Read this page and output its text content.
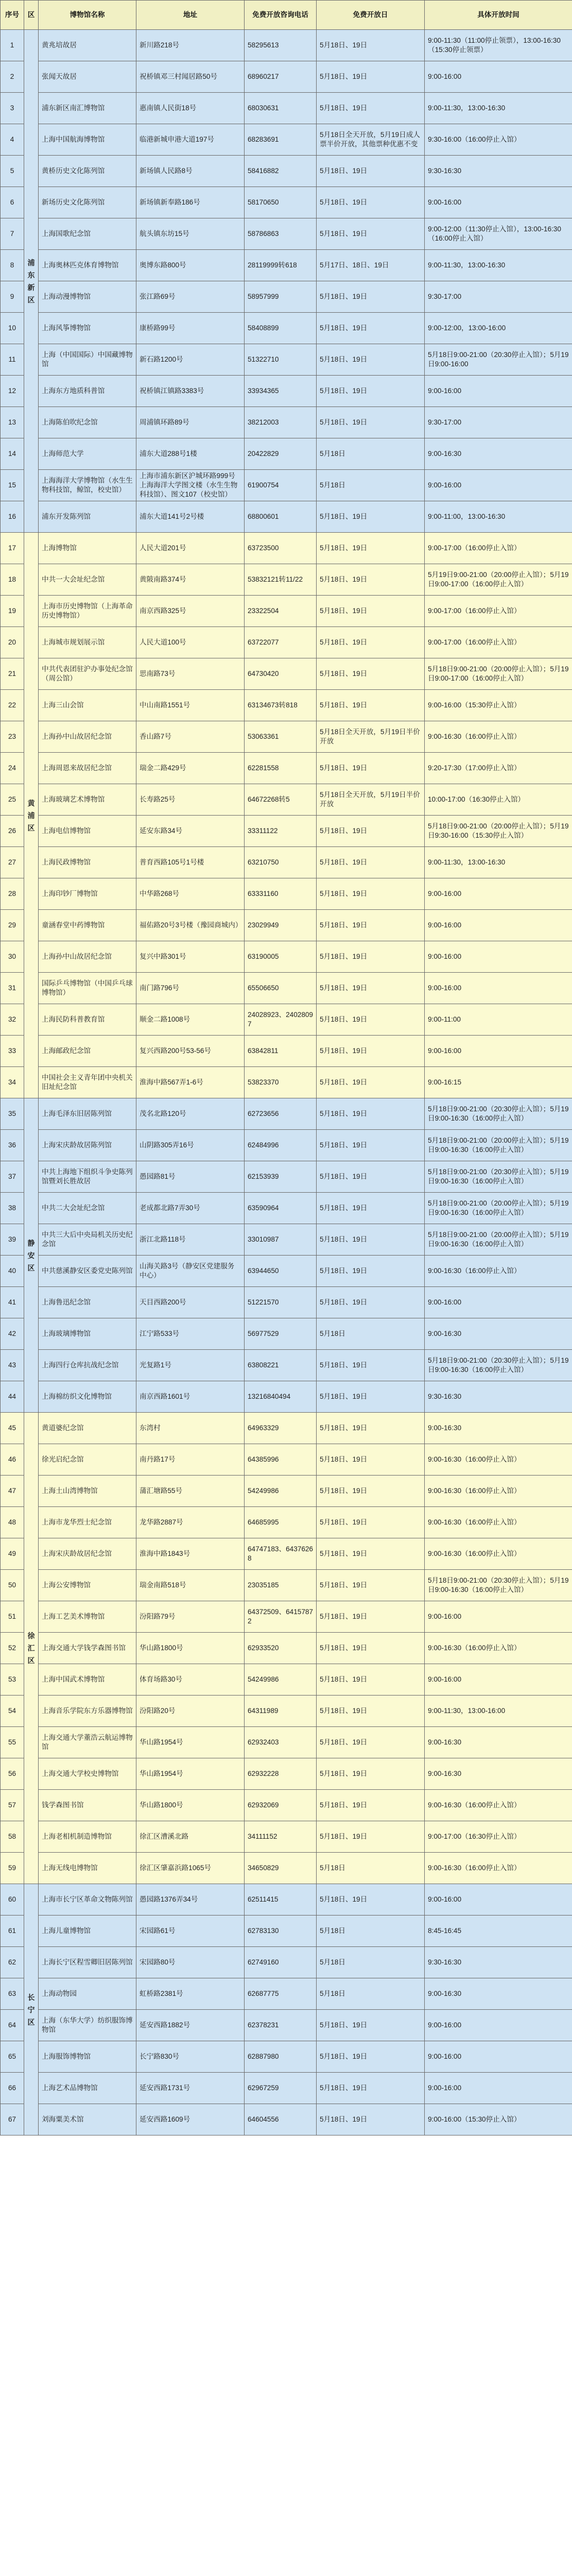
序号	区	博物馆名称	地址	免费开放咨询电话	免费开放日	具体开放时间
1	浦东新区	黄兆培故居	新川路218号	58295613	5月18日、19日	9:00-11:30（11:00停止领票），13:00-16:30（15:30停止领票）
2		张闻天故居	祝桥镇邓三村闻居路50号	68960217	5月18日、19日	9:00-16:00
3		浦东新区南汇博物馆	惠南镇人民街18号	68030631	5月18日、19日	9:00-11:30，13:00-16:30
4		上海中国航海博物馆	临港新城申港大道197号	68283691	5月18日全天开放，5月19日成人票半价开放，其他票种优惠不变	9:30-16:00（16:00停止入馆）
5		黄桥历史文化陈列馆	新场镇人民路8号	58416882	5月18日、19日	9:30-16:30
6		新场历史文化陈列馆	新场镇新奉路186号	58170650	5月18日、19日	9:00-16:00
7		上海国歌纪念馆	航头镇东坊15号	58786863	5月18日、19日	9:00-12:00（11:30停止入馆），13:00-16:30（16:00停止入馆）
8		上海奥林匹克体育博物馆	奥博东路800号	28119999转618	5月17日、18日、19日	9:00-11:30，13:00-16:30
9		上海动漫博物馆	张江路69号	58957999	5月18日、19日	9:30-17:00
10		上海风筝博物馆	康桥路99号	58408899	5月18日、19日	9:00-12:00，13:00-16:00
11		上海（中国国际）中国藏博物馆	新石路1200号	51322710	5月18日、19日	5月18日9:00-21:00（20:30停止入馆）；5月19日9:00-16:00
12		上海东方地质科普馆	祝桥镇江镇路3383号	33934365	5月18日、19日	9:00-16:00
13		上海陈伯吹纪念馆	周浦镇环路89号	38212003	5月18日、19日	9:30-17:00
14		上海师范大学	浦东大道288号1楼	20422829	5月18日	9:00-16:30
15		上海海洋大学博物馆（水生生物科技馆，鲸馆，校史馆）	上海市浦东新区沪城环路999号上海海洋大学图文楼（水生生物科技馆）、图文107（校史馆）	61900754	5月18日	9:00-16:00
16		浦东开发陈列馆	浦东大道141号2号楼	68800601	5月18日、19日	9:00-11:00，13:00-16:30
17	黄浦区	上海博物馆	人民大道201号	63723500	5月18日、19日	9:00-17:00（16:00停止入馆）
18		中共一大会址纪念馆	黄陂南路374号	53832121转11/22	5月18日、19日	5月19日9:00-21:00（20:00停止入馆）；5月19日9:00-17:00（16:00停止入馆）
19		上海市历史博物馆（上海革命历史博物馆）	南京西路325号	23322504	5月18日、19日	9:00-17:00（16:00停止入馆）
20		上海城市规划展示馆	人民大道100号	63722077	5月18日、19日	9:00-17:00（16:00停止入馆）
21		中共代表团驻沪办事处纪念馆（周公馆）	思南路73号	64730420	5月18日、19日	5月18日9:00-21:00（20:00停止入馆）；5月19日9:00-17:00（16:00停止入馆）
22		上海三山会馆	中山南路1551号	63134673转818	5月18日、19日	9:00-16:00（15:30停止入馆）
23		上海孙中山故居纪念馆	香山路7号	53063361	5月18日全天开放，5月19日半价开放	9:00-16:30（16:00停止入馆）
24		上海周恩来故居纪念馆	瑞金二路429号	62281558	5月18日、19日	9:20-17:30（17:00停止入馆）
25		上海玻璃艺术博物馆	长寿路25号	64672268转5	5月18日全天开放，5月19日半价开放	10:00-17:00（16:30停止入馆）
26		上海电信博物馆	延安东路34号	33311122	5月18日、19日	5月18日9:00-21:00（20:00停止入馆）；5月19日9:30-16:00（15:30停止入馆）
27		上海民政博物馆	普育西路105号1号楼	63210750	5月18日、19日	9:00-11:30，13:00-16:30
28		上海印钞厂博物馆	中华路268号	63331160	5月18日、19日	9:00-16:00
29		童涵春堂中药博物馆	福佑路20号3号楼（豫园商城内）	23029949	5月18日、19日	9:00-16:00
30		上海孙中山故居纪念馆	复兴中路301号	63190005	5月18日、19日	9:00-16:00
31		国际乒乓博物馆（中国乒乓球博物馆）	南门路796号	65506650	5月18日、19日	9:00-16:00
32		上海民防科普教育馆	顺金二路1008号	24028923、24028097	5月18日、19日	9:00-11:00
33		上海邮政纪念馆	复兴西路200号53-56号	63842811	5月18日、19日	9:00-16:00
34		中国社会主义青年团中央机关旧址纪念馆	淮海中路567弄1-6号	53823370	5月18日、19日	9:00-16:15
35	静安区	上海毛泽东旧居陈列馆	茂名北路120号	62723656	5月18日、19日	5月18日9:00-21:00（20:30停止入馆）；5月19日9:00-16:30（16:00停止入馆）
36		上海宋庆龄故居陈列馆	山阴路305弄16号	62484996	5月18日、19日	5月18日9:00-21:00（20:00停止入馆）；5月19日9:00-16:30（16:00停止入馆）
37		中共上海地下组织斗争史陈列馆暨刘长胜故居	愚园路81号	62153939	5月18日、19日	5月18日9:00-21:00（20:30停止入馆）；5月19日9:00-16:30（16:00停止入馆）
38		中共二大会址纪念馆	老成都北路7弄30号	63590964	5月18日、19日	5月18日9:00-21:00（20:00停止入馆）；5月19日9:00-16:30（16:00停止入馆）
39		中共三大后中央局机关历史纪念馆	浙江北路118号	33010987	5月18日、19日	5月18日9:00-21:00（20:00停止入馆）；5月19日9:00-16:30（16:00停止入馆）
40		中共慈溪静安区委党史陈列馆	山海关路3号（静安区党建服务中心）	63944650	5月18日、19日	9:00-16:30（16:00停止入馆）
41		上海鲁迅纪念馆	天目西路200号	51221570	5月18日、19日	9:00-16:00
42		上海玻璃博物馆	江宁路533号	56977529	5月18日	9:00-16:30
43		上海四行仓库抗战纪念馆	光复路1号	63808221	5月18日、19日	5月18日9:00-21:00（20:30停止入馆）；5月19日9:00-16:30（16:00停止入馆）
44		上海棉纺织文化博物馆	南京西路1601号	13216840494	5月18日、19日	9:30-16:30
45	徐汇区	黄道婆纪念馆	东湾村	64963329	5月18日、19日	9:00-16:30
46		徐光启纪念馆	南丹路17号	64385996	5月18日、19日	9:00-16:30（16:00停止入馆）
47		上海土山湾博物馆	蒲汇塘路55号	54249986	5月18日、19日	9:00-16:30（16:00停止入馆）
48		上海市龙华烈士纪念馆	龙华路2887号	64685995	5月18日、19日	9:00-16:30（16:00停止入馆）
49		上海宋庆龄故居纪念馆	淮海中路1843号	64747183、64376268	5月18日、19日	9:00-16:30（16:00停止入馆）
50		上海公安博物馆	瑞金南路518号	23035185	5月18日、19日	5月18日9:00-21:00（20:30停止入馆）；5月19日9:00-16:30（16:00停止入馆）
51		上海工艺美术博物馆	汾阳路79号	64372509、64157872	5月18日、19日	9:00-16:00
52		上海交通大学钱学森图书馆	华山路1800号	62933520	5月18日、19日	9:00-16:30（16:00停止入馆）
53		上海中国武术博物馆	体育场路30号	54249986	5月18日、19日	9:00-16:00
54		上海音乐学院东方乐器博物馆	汾阳路20号	64311989	5月18日、19日	9:00-11:30，13:00-16:00
55		上海交通大学董浩云航运博物馆	华山路1954号	62932403	5月18日、19日	9:00-16:30
56		上海交通大学校史博物馆	华山路1954号	62932228	5月18日、19日	9:00-16:30
57		钱学森图书馆	华山路1800号	62932069	5月18日、19日	9:00-16:30（16:00停止入馆）
58		上海老相机制造博物馆	徐汇区漕溪北路	34111152	5月18日、19日	9:00-17:00（16:30停止入馆）
59		上海无线电博物馆	徐汇区肇嘉浜路1065号	34650829	5月18日	9:00-16:30（16:00停止入馆）
60	长宁区	上海市长宁区革命文物陈列馆	愚园路1376弄34号	62511415	5月18日、19日	9:00-16:00
61		上海儿童博物馆	宋园路61号	62783130	5月18日	8:45-16:45
62		上海长宁区程雪卿旧居陈列馆	宋园路80号	62749160	5月18日	9:30-16:30
63		上海动物园	虹桥路2381号	62687775	5月18日	9:00-16:30
64		上海（东华大学）纺织服饰博物馆	延安西路1882号	62378231	5月18日、19日	9:00-16:00
65		上海服饰博物馆	长宁路830号	62887980	5月18日、19日	9:00-16:00
66		上海艺术品博物馆	延安西路1731号	62967259	5月18日、19日	9:00-16:00
67		刘海粟美术馆	延安西路1609号	64604556	5月18日、19日	9:00-16:00（15:30停止入馆）
